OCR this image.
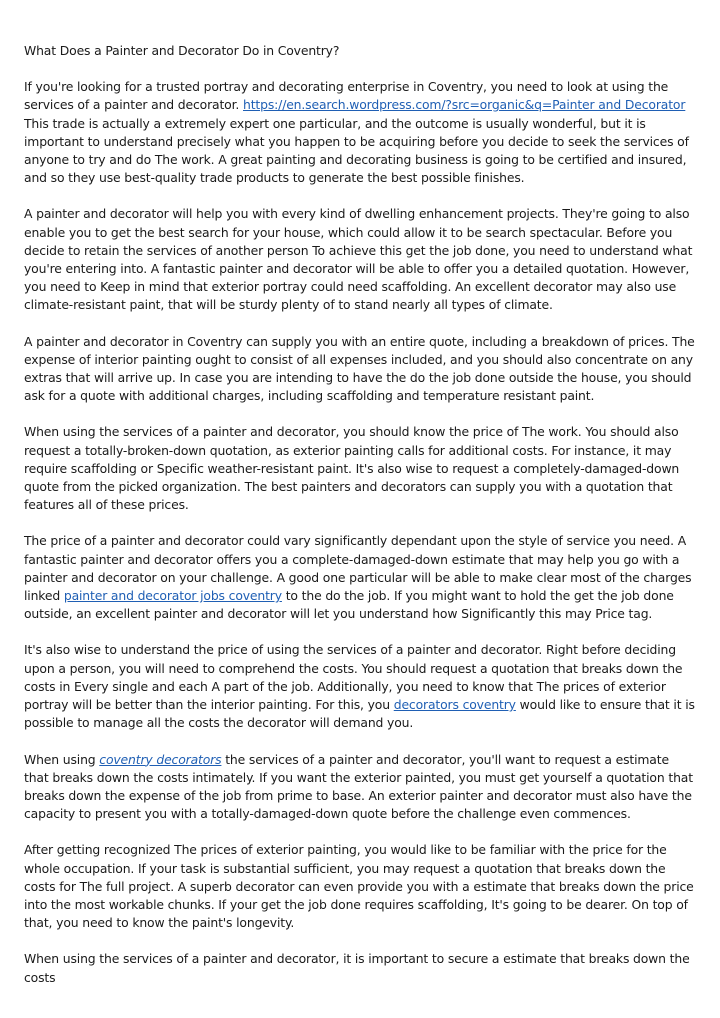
What Does a Painter and Decorator Do in Coventry?

If you're looking for a trusted portray and decorating enterprise in Coventry, you need to look at using the services of a painter and decorator. https://en.search.wordpress.com/?src=organic&q=Painter and Decorator This trade is actually a extremely expert one particular, and the outcome is usually wonderful, but it is important to understand precisely what you happen to be acquiring before you decide to seek the services of anyone to try and do The work. A great painting and decorating business is going to be certified and insured, and so they use best-quality trade products to generate the best possible finishes.

A painter and decorator will help you with every kind of dwelling enhancement projects. They're going to also enable you to get the best search for your house, which could allow it to be search spectacular. Before you decide to retain the services of another person To achieve this get the job done, you need to understand what you're entering into. A fantastic painter and decorator will be able to offer you a detailed quotation. However, you need to Keep in mind that exterior portray could need scaffolding. An excellent decorator may also use climate-resistant paint, that will be sturdy plenty of to stand nearly all types of climate.

A painter and decorator in Coventry can supply you with an entire quote, including a breakdown of prices. The expense of interior painting ought to consist of all expenses included, and you should also concentrate on any extras that will arrive up. In case you are intending to have the do the job done outside the house, you should ask for a quote with additional charges, including scaffolding and temperature resistant paint.

When using the services of a painter and decorator, you should know the price of The work. You should also request a totally-broken-down quotation, as exterior painting calls for additional costs. For instance, it may require scaffolding or Specific weather-resistant paint. It's also wise to request a completely-damaged-down quote from the picked organization. The best painters and decorators can supply you with a quotation that features all of these prices.

The price of a painter and decorator could vary significantly dependant upon the style of service you need. A fantastic painter and decorator offers you a complete-damaged-down estimate that may help you go with a painter and decorator on your challenge. A good one particular will be able to make clear most of the charges linked painter and decorator jobs coventry to the do the job. If you might want to hold the get the job done outside, an excellent painter and decorator will let you understand how Significantly this may Price tag.

It's also wise to understand the price of using the services of a painter and decorator. Right before deciding upon a person, you will need to comprehend the costs. You should request a quotation that breaks down the costs in Every single and each A part of the job. Additionally, you need to know that The prices of exterior portray will be better than the interior painting. For this, you decorators coventry would like to ensure that it is possible to manage all the costs the decorator will demand you.

When using coventry decorators the services of a painter and decorator, you'll want to request a estimate that breaks down the costs intimately. If you want the exterior painted, you must get yourself a quotation that breaks down the expense of the job from prime to base. An exterior painter and decorator must also have the capacity to present you with a totally-damaged-down quote before the challenge even commences.

After getting recognized The prices of exterior painting, you would like to be familiar with the price for the whole occupation. If your task is substantial sufficient, you may request a quotation that breaks down the costs for The full project. A superb decorator can even provide you with a estimate that breaks down the price into the most workable chunks. If your get the job done requires scaffolding, It's going to be dearer. On top of that, you need to know the paint's longevity.

When using the services of a painter and decorator, it is important to secure a estimate that breaks down the costs
